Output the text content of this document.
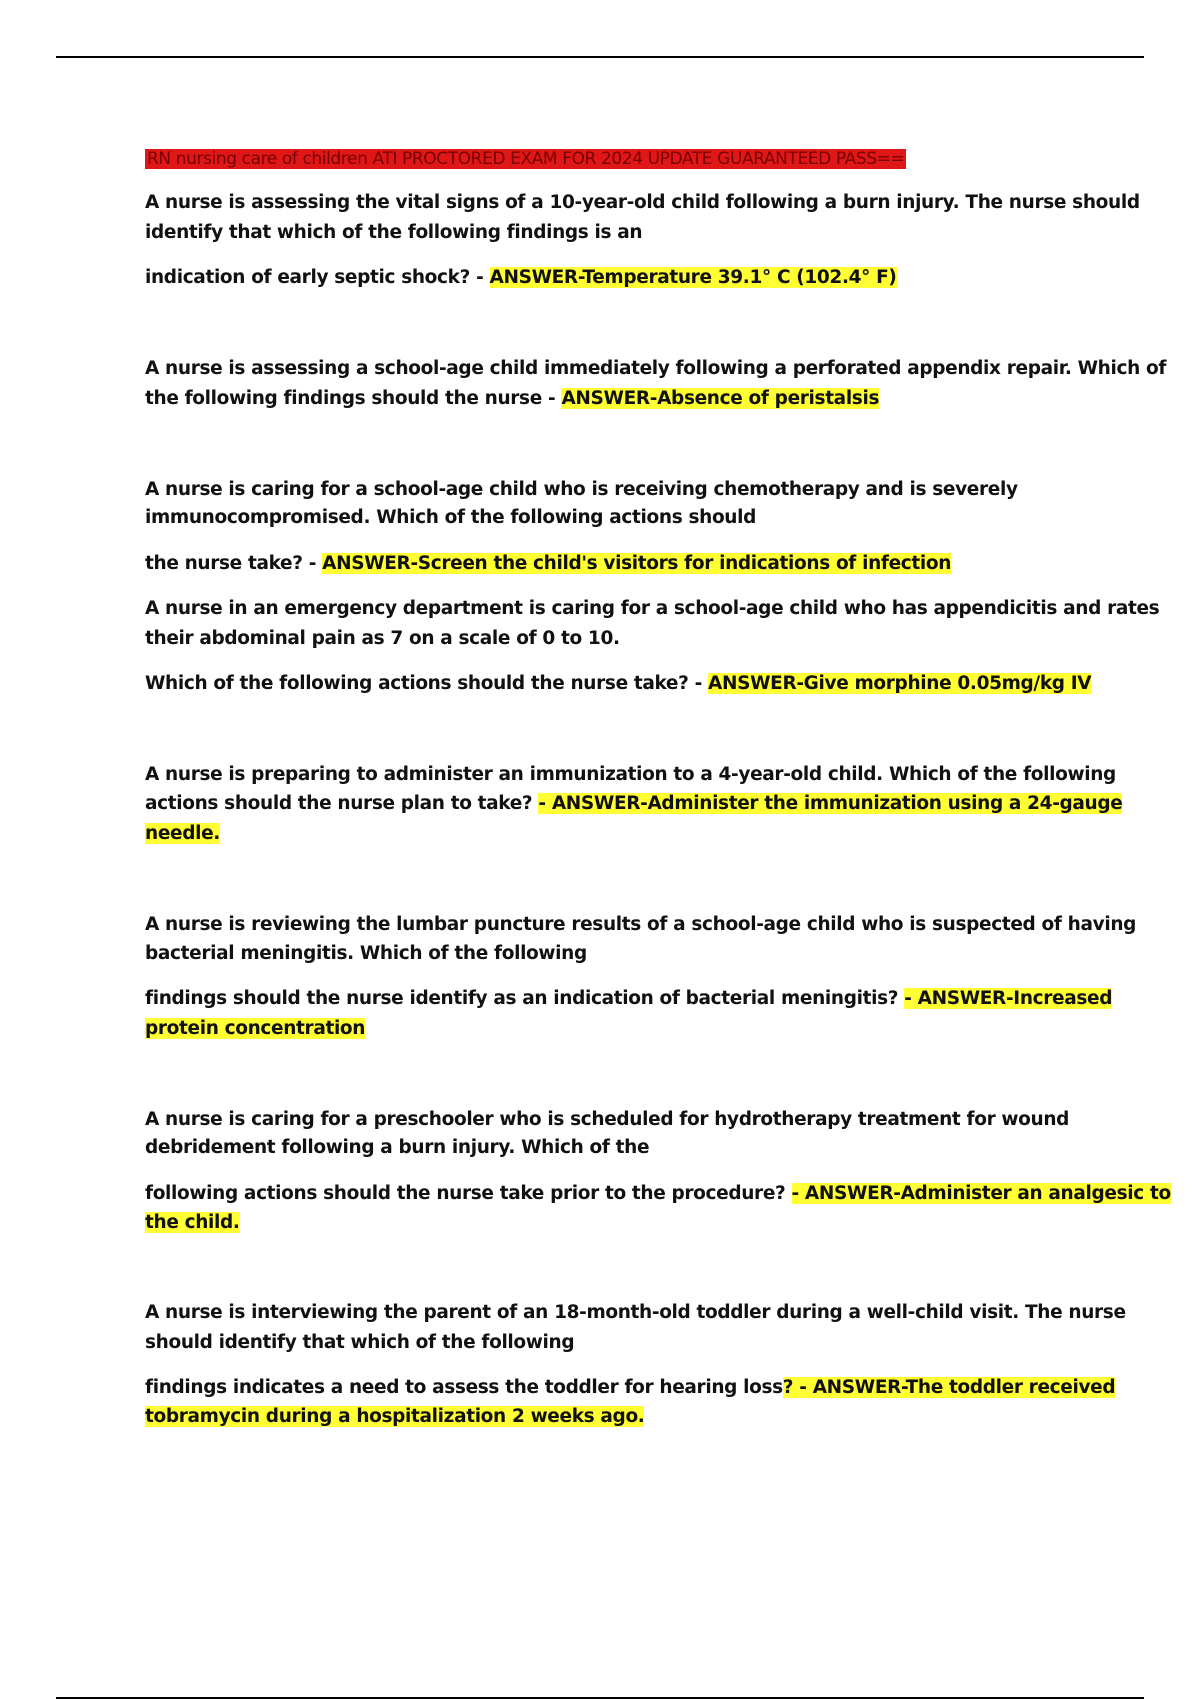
RN nursing care of children ATI PROCTORED EXAM FOR 2024 UPDATE GUARANTEED PASS==

A nurse is assessing the vital signs of a 10-year-old child following a burn injury. The nurse should

identify that which of the following findings is an

indication of early septic shock? - ANSWER-Temperature 39.1° C (102.4° F)

A nurse is assessing a school-age child immediately following a perforated appendix repair. Which of

the following findings should the nurse - ANSWER-Absence of peristalsis

A nurse is caring for a school-age child who is receiving chemotherapy and is severely

immunocompromised. Which of the following actions should

the nurse take? - ANSWER-Screen the child's visitors for indications of infection

A nurse in an emergency department is caring for a school-age child who has appendicitis and rates

their abdominal pain as 7 on a scale of 0 to 10.

Which of the following actions should the nurse take? - ANSWER-Give morphine 0.05mg/kg IV

A nurse is preparing to administer an immunization to a 4-year-old child. Which of the following

actions should the nurse plan to take? - ANSWER-Administer the immunization using a 24-gauge

needle.

A nurse is reviewing the lumbar puncture results of a school-age child who is suspected of having

bacterial meningitis. Which of the following

findings should the nurse identify as an indication of bacterial meningitis? - ANSWER-Increased

protein concentration

A nurse is caring for a preschooler who is scheduled for hydrotherapy treatment for wound

debridement following a burn injury. Which of the

following actions should the nurse take prior to the procedure? - ANSWER-Administer an analgesic to

the child.

A nurse is interviewing the parent of an 18-month-old toddler during a well-child visit. The nurse

should identify that which of the following

findings indicates a need to assess the toddler for hearing loss? - ANSWER-The toddler received

tobramycin during a hospitalization 2 weeks ago.
